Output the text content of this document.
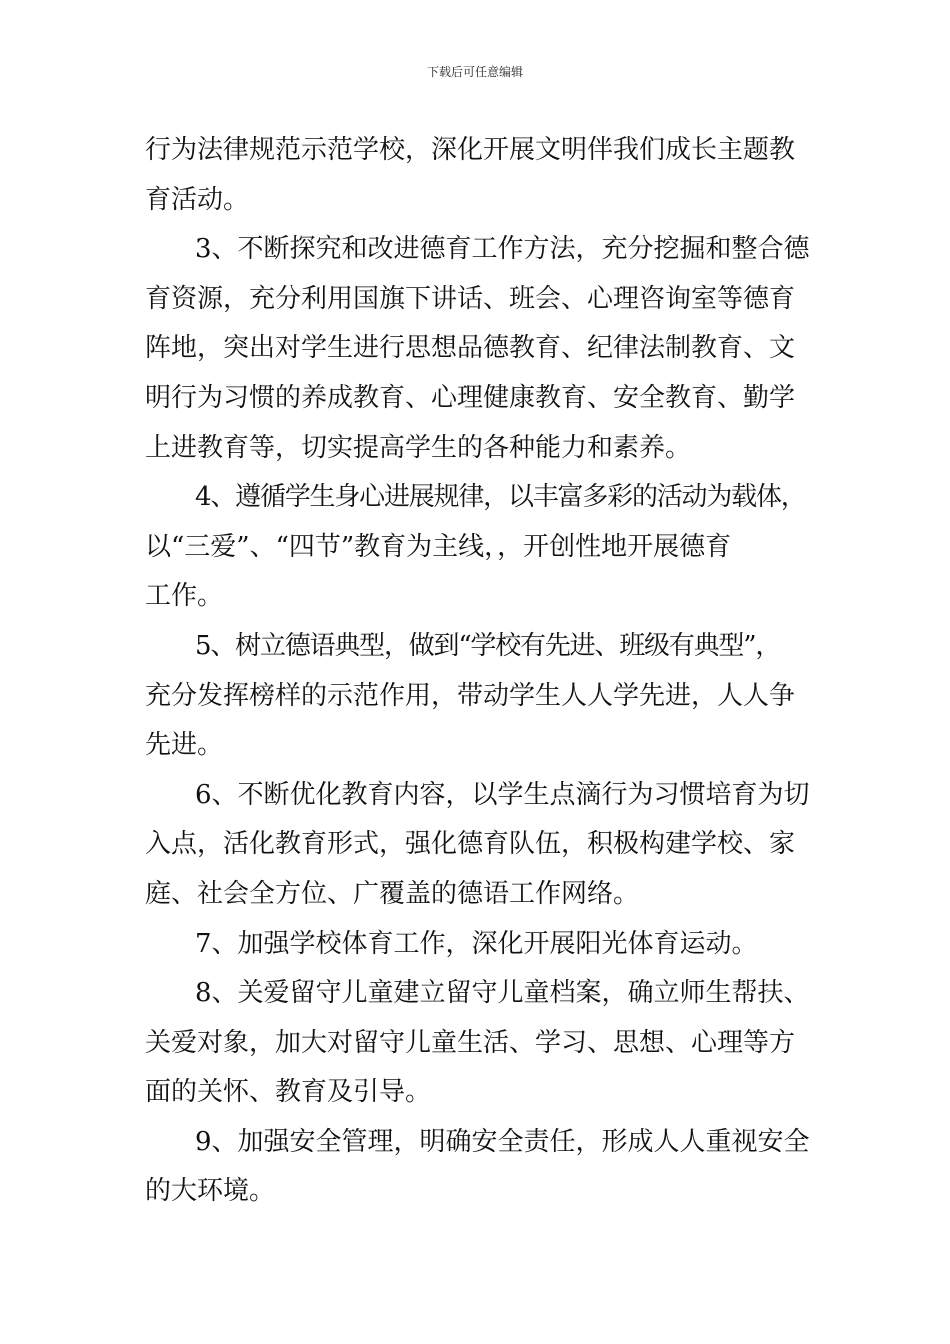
下载后可任意编辑
行为法律规范示范学校，深化开展文明伴我们成长主题教
育活动。
3、不断探究和改进德育工作方法，充分挖掘和整合德
育资源，充分利用国旗下讲话、班会、心理咨询室等德育
阵地，突出对学生进行思想品德教育、纪律法制教育、文
明行为习惯的养成教育、心理健康教育、安全教育、勤学
上进教育等，切实提高学生的各种能力和素养。
4、遵循学生身心进展规律，以丰富多彩的活动为载体，
以“三爱”、“四节”教育为主线，，开创性地开展德育
工作。
5、树立德语典型，做到“学校有先进、班级有典型”，
充分发挥榜样的示范作用，带动学生人人学先进，人人争
先进。
6、不断优化教育内容，以学生点滴行为习惯培育为切
入点，活化教育形式，强化德育队伍，积极构建学校、家
庭、社会全方位、广覆盖的德语工作网络。
7、加强学校体育工作，深化开展阳光体育运动。
8、关爱留守儿童建立留守儿童档案，确立师生帮扶、
关爱对象，加大对留守儿童生活、学习、思想、心理等方
面的关怀、教育及引导。
9、加强安全管理，明确安全责任，形成人人重视安全
的大环境。
